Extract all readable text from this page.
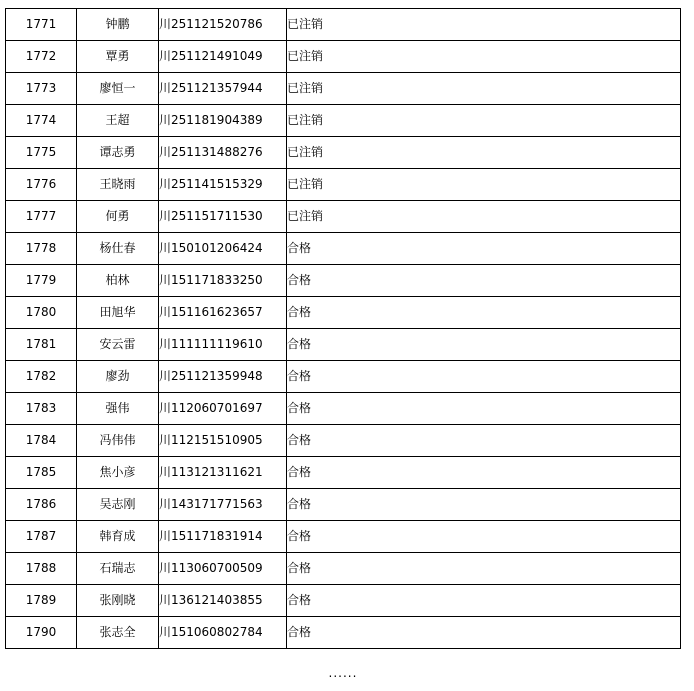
1771	钟鹏	川251121520786	已注销
1772	覃勇	川251121491049	已注销
1773	廖恒一	川251121357944	已注销
1774	王超	川251181904389	已注销
1775	谭志勇	川251131488276	已注销
1776	王晓雨	川251141515329	已注销
1777	何勇	川251151711530	已注销
1778	杨仕春	川150101206424	合格
1779	柏林	川151171833250	合格
1780	田旭华	川151161623657	合格
1781	安云雷	川111111119610	合格
1782	廖劲	川251121359948	合格
1783	强伟	川112060701697	合格
1784	冯伟伟	川112151510905	合格
1785	焦小彦	川113121311621	合格
1786	吴志刚	川143171771563	合格
1787	韩育成	川151171831914	合格
1788	石瑞志	川113060700509	合格
1789	张刚晓	川136121403855	合格
1790	张志全	川151060802784	合格
......
